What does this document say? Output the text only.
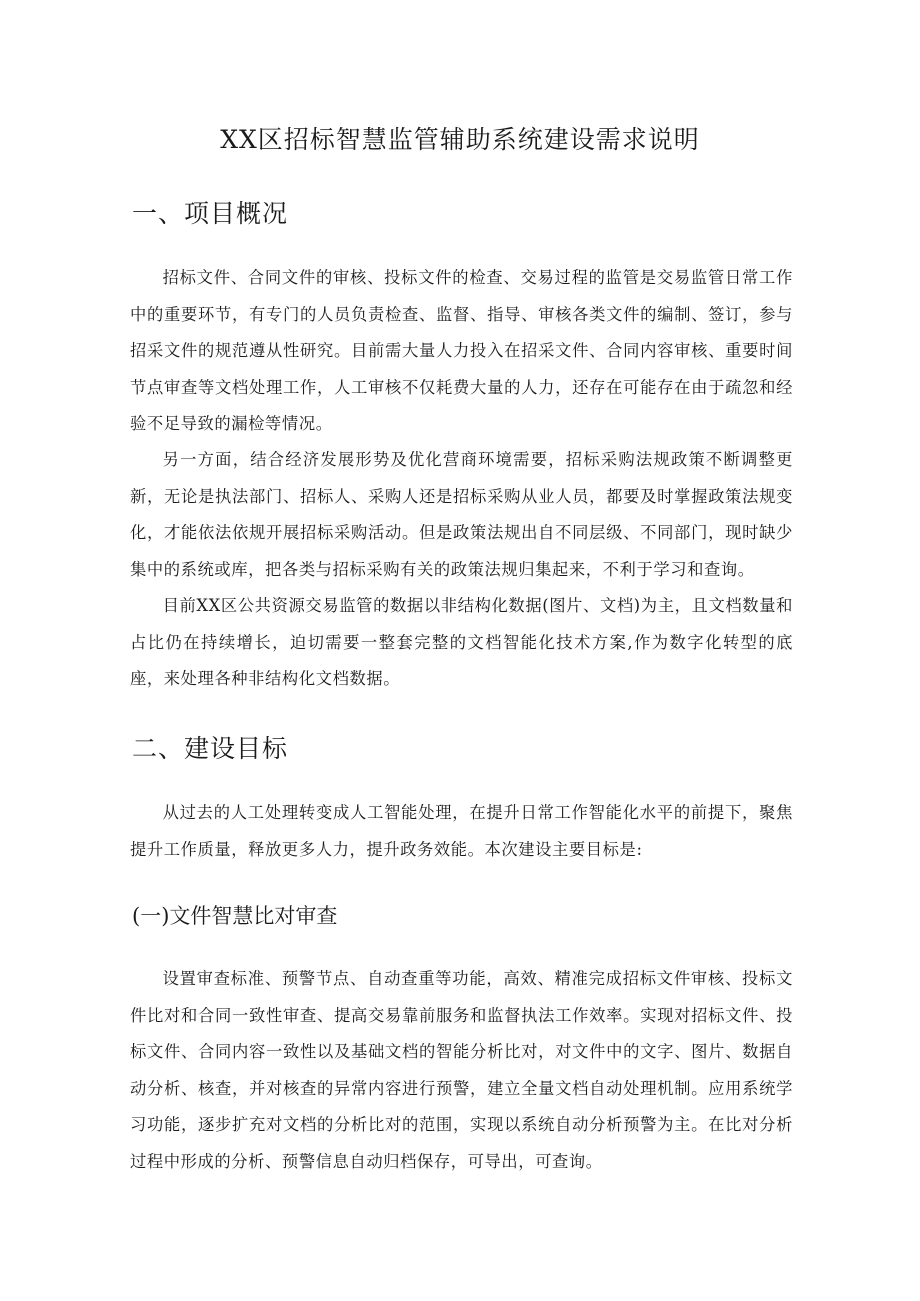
XX区招标智慧监管辅助系统建设需求说明
一、项目概况

招标文件、合同文件的审核、投标文件的检查、交易过程的监管是交易监管日常工作中的重要环节，有专门的人员负责检查、监督、指导、审核各类文件的编制、签订，参与招采文件的规范遵从性研究。目前需大量人力投入在招采文件、合同内容审核、重要时间节点审查等文档处理工作，人工审核不仅耗费大量的人力，还存在可能存在由于疏忽和经验不足导致的漏检等情况。

另一方面，结合经济发展形势及优化营商环境需要，招标采购法规政策不断调整更新，无论是执法部门、招标人、采购人还是招标采购从业人员，都要及时掌握政策法规变化，才能依法依规开展招标采购活动。但是政策法规出自不同层级、不同部门，现时缺少集中的系统或库，把各类与招标采购有关的政策法规归集起来，不利于学习和查询。

目前XX区公共资源交易监管的数据以非结构化数据(图片、文档)为主，且文档数量和占比仍在持续增长，迫切需要一整套完整的文档智能化技术方案,作为数字化转型的底座，来处理各种非结构化文档数据。

二、建设目标

从过去的人工处理转变成人工智能处理，在提升日常工作智能化水平的前提下，聚焦提升工作质量，释放更多人力，提升政务效能。本次建设主要目标是:

(一)文件智慧比对审查

设置审查标准、预警节点、自动查重等功能，高效、精准完成招标文件审核、投标文件比对和合同一致性审查、提高交易靠前服务和监督执法工作效率。实现对招标文件、投标文件、合同内容一致性以及基础文档的智能分析比对，对文件中的文字、图片、数据自动分析、核查，并对核查的异常内容进行预警，建立全量文档自动处理机制。应用系统学习功能，逐步扩充对文档的分析比对的范围，实现以系统自动分析预警为主。在比对分析过程中形成的分析、预警信息自动归档保存，可导出，可查询。
